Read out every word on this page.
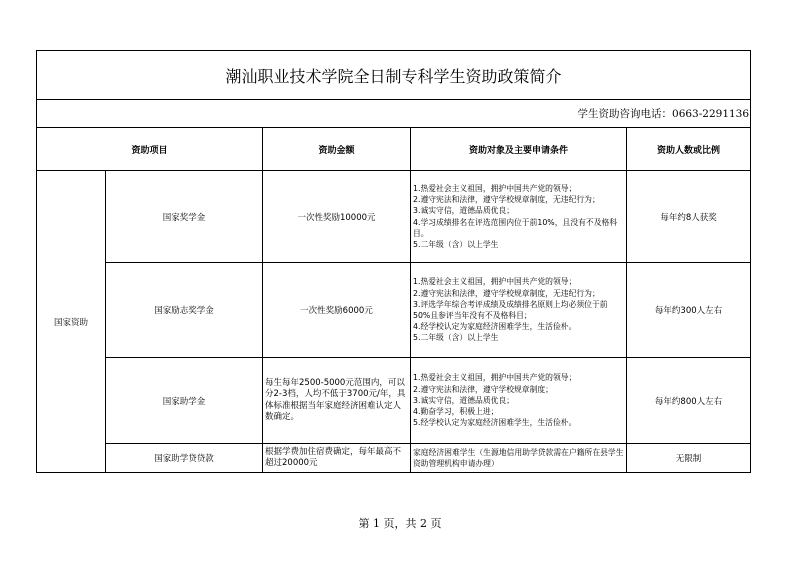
潮汕职业技术学院全日制专科学生资助政策简介				
学生资助咨询电话：0663-2291136				
资助项目		资助金额	资助对象及主要申请条件	资助人数或比例
国家资助	国家奖学金	一次性奖励10000元	1.热爱社会主义祖国，拥护中国共产党的领导；
2.遵守宪法和法律，遵守学校规章制度，无违纪行为；
3.诚实守信，道德品质优良；
4.学习成绩排名在评选范围内位于前10%，且没有不及格科目。
5.二年级（含）以上学生	每年约8人获奖
	国家励志奖学金	一次性奖励6000元	1.热爱社会主义祖国，拥护中国共产党的领导；
2.遵守宪法和法律，遵守学校规章制度，无违纪行为；
3.评选学年综合考评成绩及成绩排名原则上均必须位于前50%且参评当年没有不及格科目；
4.经学校认定为家庭经济困难学生，生活俭朴。
5.二年级（含）以上学生	每年约300人左右
	国家助学金	每生每年2500-5000元范围内，可以分2-3档，人均不低于3700元/年，具体标准根据当年家庭经济困难认定人数确定。	1.热爱社会主义祖国，拥护中国共产党的领导；
2.遵守宪法和法律，遵守学校规章制度；
3.诚实守信，道德品质优良；
4.勤奋学习，积极上进；
5.经学校认定为家庭经济困难学生，生活俭朴。	每年约800人左右
	国家助学贷贷款	根据学费加住宿费确定，每年最高不超过20000元	家庭经济困难学生（生源地信用助学贷款需在户籍所在县学生资助管理机构申请办理）	无限制
第 1 页，共 2 页
